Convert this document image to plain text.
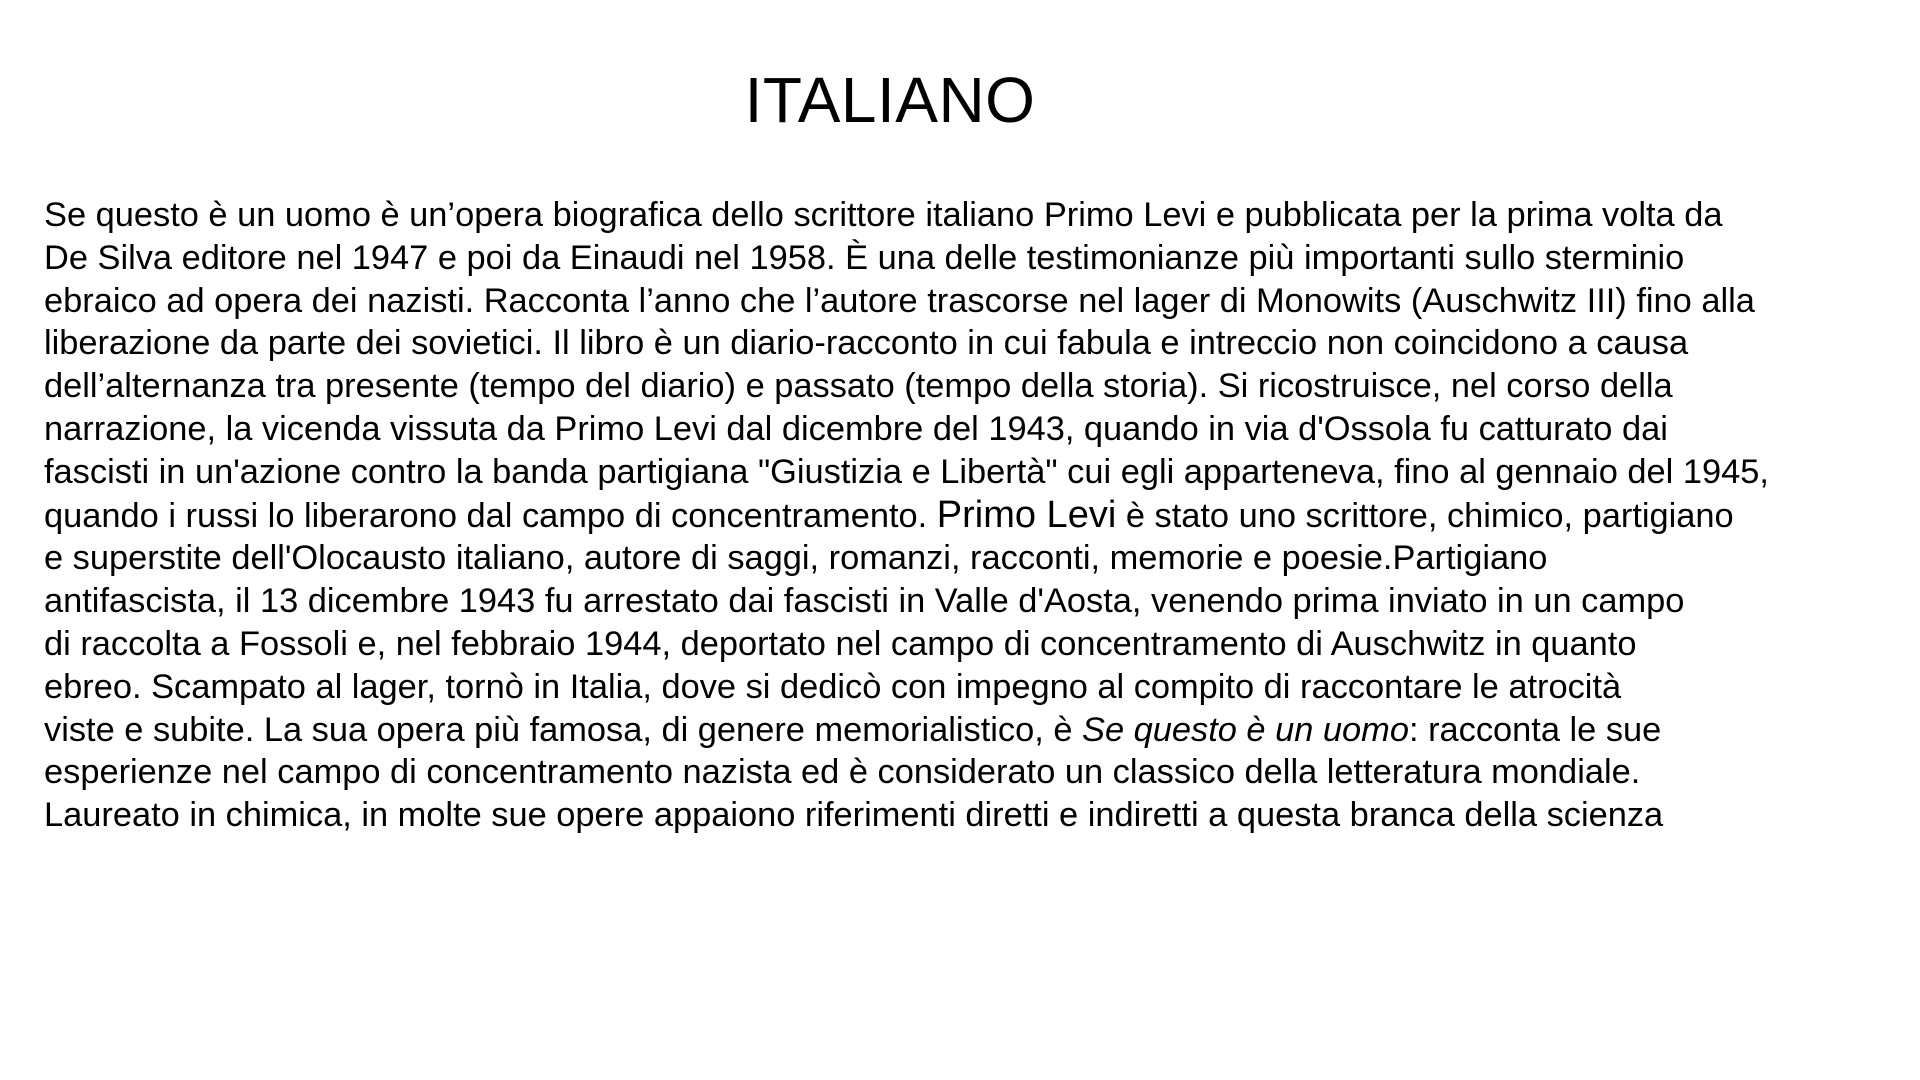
ITALIANO

Se questo è un uomo è un’opera biografica dello scrittore italiano Primo Levi e pubblicata per la prima volta da
De Silva editore nel 1947 e poi da Einaudi nel 1958. È una delle testimonianze più importanti sullo sterminio
ebraico ad opera dei nazisti. Racconta l’anno che l’autore trascorse nel lager di Monowits (Auschwitz III) fino alla
liberazione da parte dei sovietici. Il libro è un diario-racconto in cui fabula e intreccio non coincidono a causa
dell’alternanza tra presente (tempo del diario) e passato (tempo della storia). Si ricostruisce, nel corso della
narrazione, la vicenda vissuta da Primo Levi dal dicembre del 1943, quando in via d'Ossola fu catturato dai
fascisti in un'azione contro la banda partigiana "Giustizia e Libertà" cui egli apparteneva, fino al gennaio del 1945,
quando i russi lo liberarono dal campo di concentramento. Primo Levi è stato uno scrittore, chimico, partigiano
e superstite dell'Olocausto italiano, autore di saggi, romanzi, racconti, memorie e poesie.Partigiano
antifascista, il 13 dicembre 1943 fu arrestato dai fascisti in Valle d'Aosta, venendo prima inviato in un campo
di raccolta a Fossoli e, nel febbraio 1944, deportato nel campo di concentramento di Auschwitz in quanto
ebreo. Scampato al lager, tornò in Italia, dove si dedicò con impegno al compito di raccontare le atrocità
viste e subite. La sua opera più famosa, di genere memorialistico, è Se questo è un uomo: racconta le sue
esperienze nel campo di concentramento nazista ed è considerato un classico della letteratura mondiale.
Laureato in chimica, in molte sue opere appaiono riferimenti diretti e indiretti a questa branca della scienza
